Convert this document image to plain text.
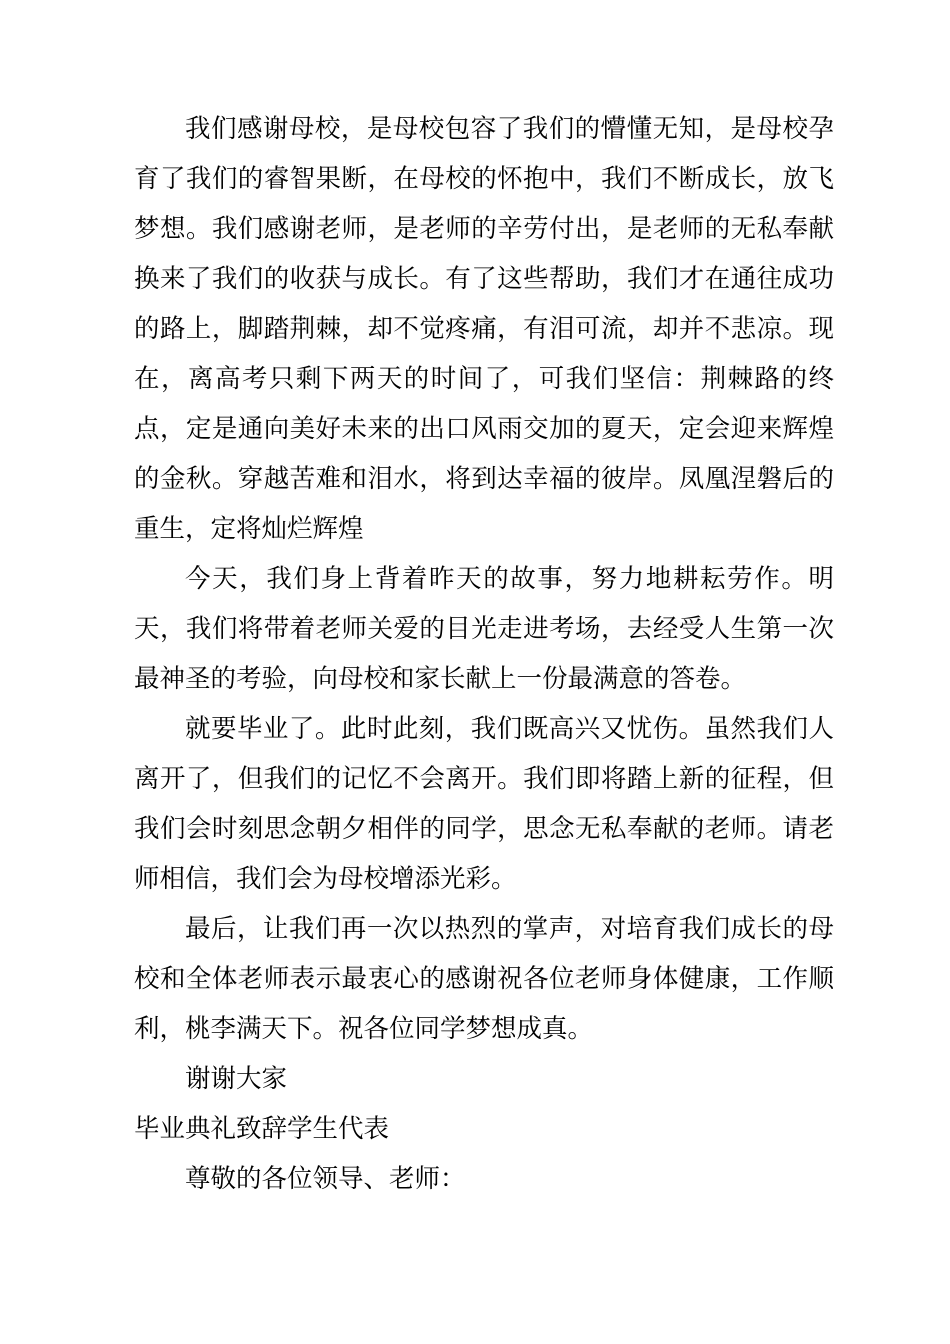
我们感谢母校，是母校包容了我们的懵懂无知，是母校孕育了我们的睿智果断，在母校的怀抱中，我们不断成长，放飞梦想。我们感谢老师，是老师的辛劳付出，是老师的无私奉献换来了我们的收获与成长。有了这些帮助，我们才在通往成功的路上，脚踏荆棘，却不觉疼痛，有泪可流，却并不悲凉。现在，离高考只剩下两天的时间了，可我们坚信：荆棘路的终点，定是通向美好未来的出口风雨交加的夏天，定会迎来辉煌的金秋。穿越苦难和泪水，将到达幸福的彼岸。凤凰涅磐后的重生，定将灿烂辉煌

今天，我们身上背着昨天的故事，努力地耕耘劳作。明天，我们将带着老师关爱的目光走进考场，去经受人生第一次最神圣的考验，向母校和家长献上一份最满意的答卷。

就要毕业了。此时此刻，我们既高兴又忧伤。虽然我们人离开了，但我们的记忆不会离开。我们即将踏上新的征程，但我们会时刻思念朝夕相伴的同学，思念无私奉献的老师。请老师相信，我们会为母校增添光彩。

最后，让我们再一次以热烈的掌声，对培育我们成长的母校和全体老师表示最衷心的感谢祝各位老师身体健康，工作顺利，桃李满天下。祝各位同学梦想成真。

谢谢大家

毕业典礼致辞学生代表

尊敬的各位领导、老师：
